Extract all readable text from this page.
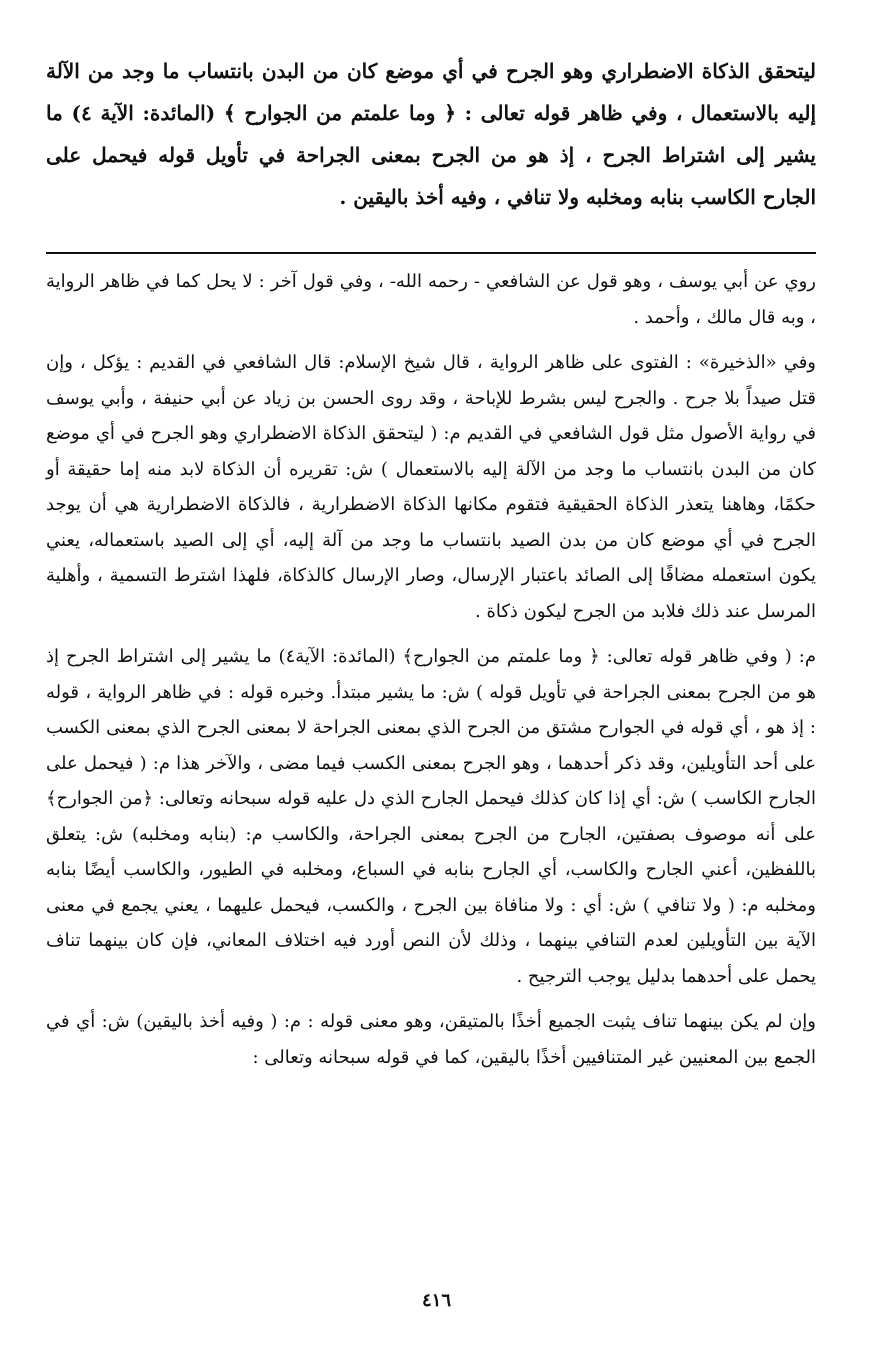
ليتحقق الذكاة الاضطراري وهو الجرح في أي موضع كان من البدن بانتساب ما وجد من الآلة إليه بالاستعمال ، وفي ظاهر قوله تعالى : ﴿ وما علمتم من الجوارح ﴾ (المائدة: الآية ٤) ما يشير إلى اشتراط الجرح ، إذ هو من الجرح بمعنى الجراحة في تأويل قوله فيحمل على الجارح الكاسب بنابه ومخلبه ولا تنافي ، وفيه أخذ باليقين .

روي عن أبي يوسف ، وهو قول عن الشافعي - رحمه الله- ، وفي قول آخر : لا يحل كما في ظاهر الرواية ، وبه قال مالك ، وأحمد .

وفي «الذخيرة» : الفتوى على ظاهر الرواية ، قال شيخ الإسلام: قال الشافعي في القديم : يؤكل ، وإن قتل صيداً بلا جرح . والجرح ليس بشرط للإباحة ، وقد روى الحسن بن زياد عن أبي حنيفة ، وأبي يوسف في رواية الأصول مثل قول الشافعي في القديم م: ( ليتحقق الذكاة الاضطراري وهو الجرح في أي موضع كان من البدن بانتساب ما وجد من الآلة إليه بالاستعمال ) ش: تقريره أن الذكاة لابد منه إما حقيقة أو حكمًا، وهاهنا يتعذر الذكاة الحقيقية فتقوم مكانها الذكاة الاضطرارية ، فالذكاة الاضطرارية هي أن يوجد الجرح في أي موضع كان من بدن الصيد بانتساب ما وجد من آلة إليه، أي إلى الصيد باستعماله، يعني يكون استعمله مضافًا إلى الصائد باعتبار الإرسال، وصار الإرسال كالذكاة، فلهذا اشترط التسمية ، وأهلية المرسل عند ذلك فلابد من الجرح ليكون ذكاة .

م: ( وفي ظاهر قوله تعالى: ﴿ وما علمتم من الجوارح﴾ (المائدة: الآية٤) ما يشير إلى اشتراط الجرح إذ هو من الجرح بمعنى الجراحة في تأويل قوله ) ش: ما يشير مبتدأ. وخبره قوله : في ظاهر الرواية ، قوله : إذ هو ، أي قوله في الجوارح مشتق من الجرح الذي بمعنى الجراحة لا بمعنى الجرح الذي بمعنى الكسب على أحد التأويلين، وقد ذكر أحدهما ، وهو الجرح بمعنى الكسب فيما مضى ، والآخر هذا م: ( فيحمل على الجارح الكاسب ) ش: أي إذا كان كذلك فيحمل الجارح الذي دل عليه قوله سبحانه وتعالى: ﴿من الجوارح﴾ على أنه موصوف بصفتين، الجارح من الجرح بمعنى الجراحة، والكاسب م: (بنابه ومخلبه) ش: يتعلق باللفظين، أعني الجارح والكاسب، أي الجارح بنابه في السباع، ومخلبه في الطيور، والكاسب أيضًا بنابه ومخلبه م: ( ولا تنافي ) ش: أي : ولا منافاة بين الجرح ، والكسب، فيحمل عليهما ، يعني يجمع في معنى الآية بين التأويلين لعدم التنافي بينهما ، وذلك لأن النص أورد فيه اختلاف المعاني، فإن كان بينهما تناف يحمل على أحدهما بدليل يوجب الترجيح .

وإن لم يكن بينهما تناف يثبت الجميع أخذًا بالمتيقن، وهو معنى قوله : م: ( وفيه أخذ باليقين) ش: أي في الجمع بين المعنيين غير المتنافيين أخذًا باليقين، كما في قوله سبحانه وتعالى :

٤١٦
